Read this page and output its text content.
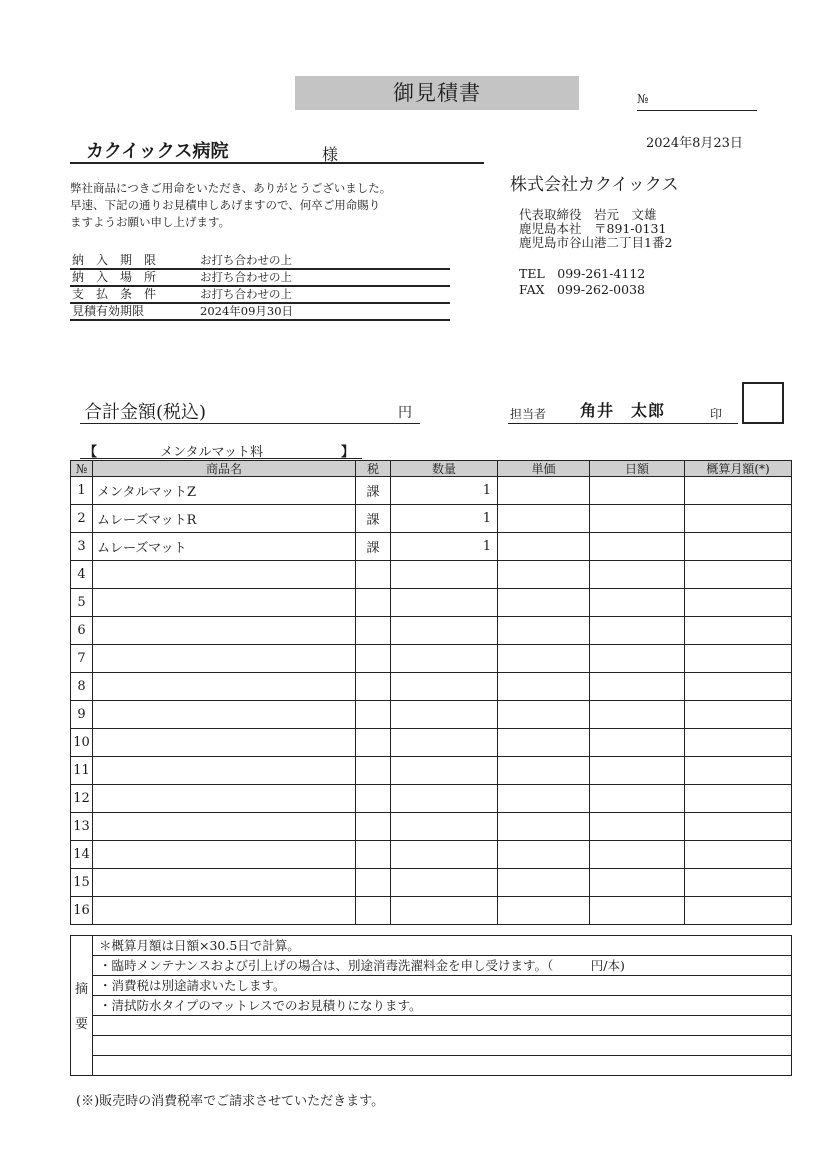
御見積書	№
2024年8月23日
カクイックス病院	様
弊社商品につきご用命をいただき、ありがとうございました。
早速、下記の通りお見積申しあげますので、何卒ご用命賜り
ますようお願い申し上げます。
納　入　期　限	お打ち合わせの上
納　入　場　所	お打ち合わせの上
支　払　条　件	お打ち合わせの上
見積有効期限	2024年09月30日
株式会社カクイックス
代表取締役　岩元　文雄
鹿児島本社　〒891-0131
鹿児島市谷山港二丁目1番2
TEL　099-261-4112
FAX　099-262-0038
合計金額(税込)	円	担当者 角井　太郎	印
【	メンタルマット料	】
№	商品名	税	数量	単価	日額	概算月額(*)
1	メンタルマットZ	課	1			
2	ムレーズマットR	課	1			
3	ムレーズマット	課	1			
4						
5						
6						
7						
8						
9						
10						
11						
12						
13						
14						
15						
16						
摘
要
	＊概算月額は日額×30.5日で計算。
・臨時メンテナンスおよび引上げの場合は、別途消毒洗濯料金を申し受けます。（　　　円/本)
・消費税は別途請求いたします。
・清拭防水タイプのマットレスでのお見積りになります。

(※)販売時の消費税率でご請求させていただきます。
